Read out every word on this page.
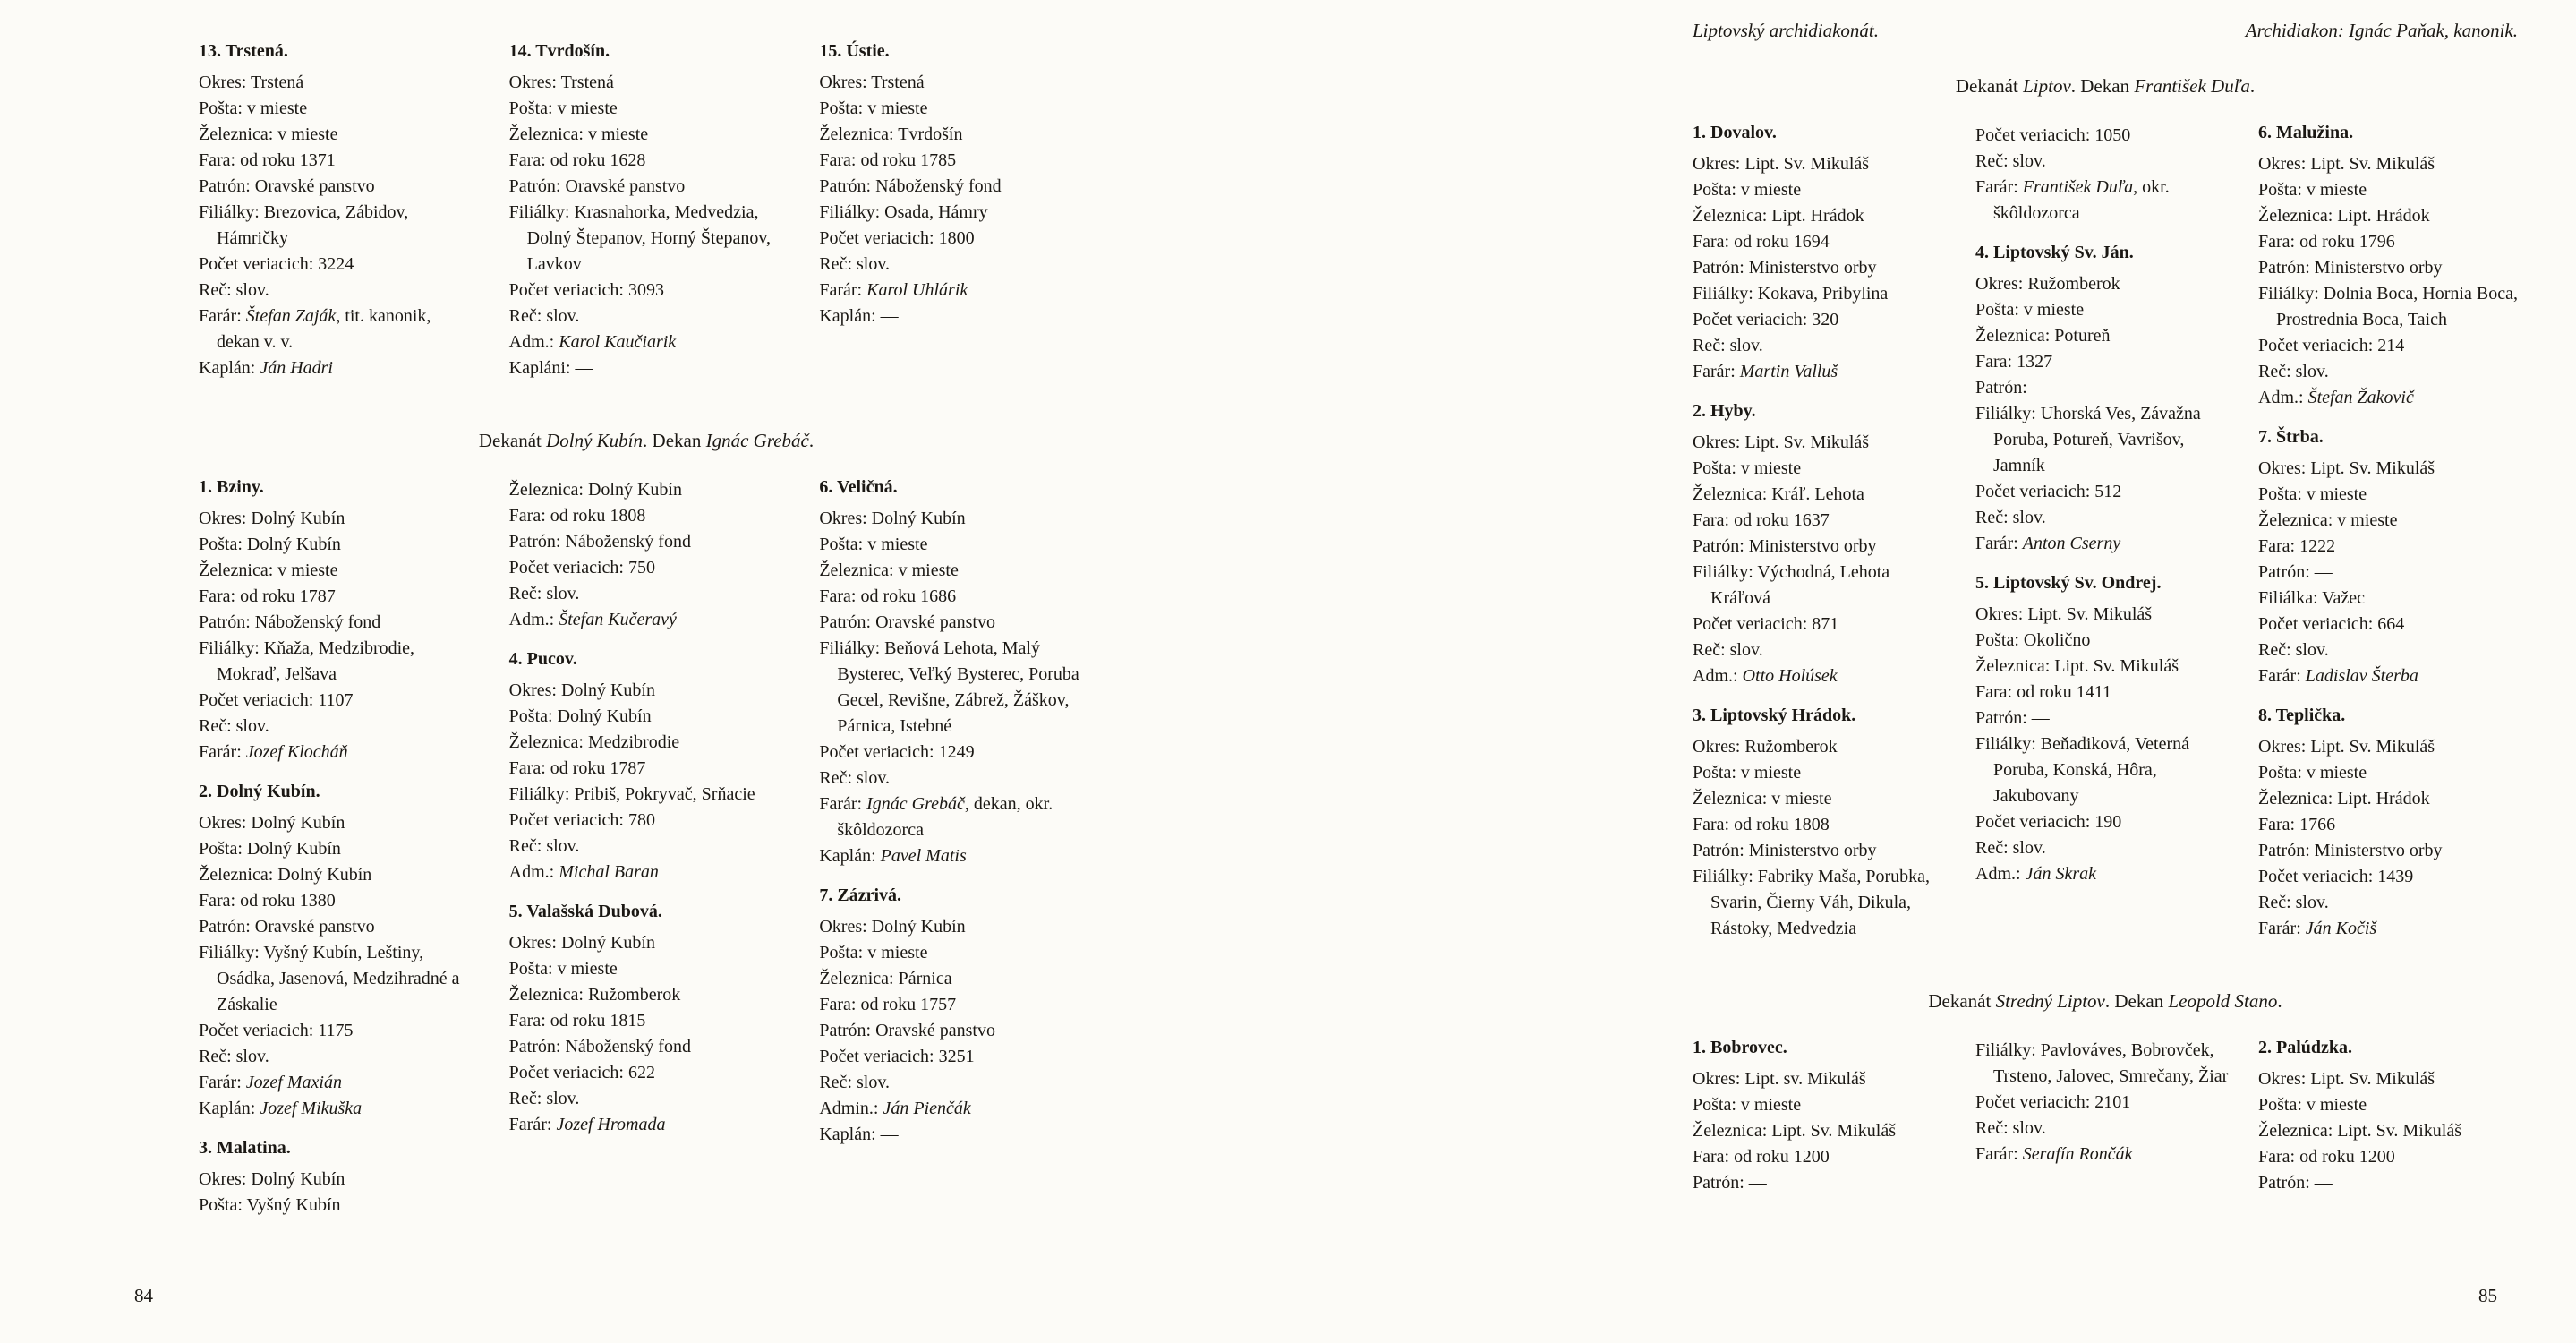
13. Trstená.
Okres: Trstená
Pošta: v mieste
Železnica: v mieste
Fara: od roku 1371
Patrón: Oravské panstvo
Filiálky: Brezovica, Zábidov, Hámričky
Počet veriacich: 3224
Reč: slov.
Farár: Štefan Zaják, tit. kanonik, dekan v. v.
Kaplán: Ján Hadri
14. Tvrdošín.
Okres: Trstená
Pošta: v mieste
Železnica: v mieste
Fara: od roku 1628
Patrón: Oravské panstvo
Filiálky: Krasnahorka, Medvedzia, Dolný Štepanov, Horný Štepanov, Lavkov
Počet veriacich: 3093
Reč: slov.
Adm.: Karol Kaučiarik
Kapláni: —
15. Ústie.
Okres: Trstená
Pošta: v mieste
Železnica: Tvrdošín
Fara: od roku 1785
Patrón: Náboženský fond
Filiálky: Osada, Hámry
Počet veriacich: 1800
Reč: slov.
Farár: Karol Uhlárik
Kaplán: —
Dekanát Dolný Kubín. Dekan Ignác Grebáč.
1. Bziny.
Okres: Dolný Kubín
Pošta: Dolný Kubín
Železnica: v mieste
Fara: od roku 1787
Patrón: Náboženský fond
Filiálky: Kňaža, Medzibrodie, Mokraď, Jelšava
Počet veriacich: 1107
Reč: slov.
Farár: Jozef Klocháň
2. Dolný Kubín.
Okres: Dolný Kubín
Pošta: Dolný Kubín
Železnica: Dolný Kubín
Fara: od roku 1380
Patrón: Oravské panstvo
Filiálky: Vyšný Kubín, Leštiny, Osádka, Jasenová, Medzihradné a Záskalie
Počet veriacich: 1175
Reč: slov.
Farár: Jozef Maxián
Kaplán: Jozef Mikuška
3. Malatina.
Okres: Dolný Kubín
Pošta: Vyšný Kubín
Železnica: Dolný Kubín
Fara: od roku 1808
Patrón: Náboženský fond
Počet veriacich: 750
Reč: slov.
Adm.: Štefan Kučeravý
4. Pucov.
Okres: Dolný Kubín
Pošta: Dolný Kubín
Železnica: Medzibrodie
Fara: od roku 1787
Filiálky: Pribiš, Pokryvač, Srňacie
Počet veriacich: 780
Reč: slov.
Adm.: Michal Baran
5. Valašská Dubová.
Okres: Dolný Kubín
Pošta: v mieste
Železnica: Ružomberok
Fara: od roku 1815
Patrón: Náboženský fond
Počet veriacich: 622
Reč: slov.
Farár: Jozef Hromada
6. Veličná.
Okres: Dolný Kubín
Pošta: v mieste
Železnica: v mieste
Fara: od roku 1686
Patrón: Oravské panstvo
Filiálky: Beňová Lehota, Malý Bysterec, Veľký Bysterec, Poruba Gecel, Revišne, Zábrež, Žáškov, Párnica, Istebné
Počet veriacich: 1249
Reč: slov.
Farár: Ignác Grebáč, dekan, okr. škôldozorca
Kaplán: Pavel Matis
7. Zázrivá.
Okres: Dolný Kubín
Pošta: v mieste
Železnica: Párnica
Fara: od roku 1757
Patrón: Oravské panstvo
Počet veriacich: 3251
Reč: slov.
Admin.: Ján Pienčák
Kaplán: —
84
Liptovský archidiakonát.	Archidiakon: Ignác Paňak, kanonik.
Dekanát Liptov. Dekan František Duľa.
1. Dovalov.
Okres: Lipt. Sv. Mikuláš
Pošta: v mieste
Železnica: Lipt. Hrádok
Fara: od roku 1694
Patrón: Ministerstvo orby
Filiálky: Kokava, Pribylina
Počet veriacich: 320
Reč: slov.
Farár: Martin Valluš
2. Hyby.
Okres: Lipt. Sv. Mikuláš
Pošta: v mieste
Železnica: Kráľ. Lehota
Fara: od roku 1637
Patrón: Ministerstvo orby
Filiálky: Východná, Lehota Kráľová
Počet veriacich: 871
Reč: slov.
Adm.: Otto Holúsek
3. Liptovský Hrádok.
Okres: Ružomberok
Pošta: v mieste
Železnica: v mieste
Fara: od roku 1808
Patrón: Ministerstvo orby
Filiálky: Fabriky Maša, Porubka, Svarin, Čierny Váh, Dikula, Rástoky, Medvedzia
Počet veriacich: 1050
Reč: slov.
Farár: František Duľa, okr. škôldozorca
4. Liptovský Sv. Ján.
Okres: Ružomberok
Pošta: v mieste
Železnica: Potureň
Fara: 1327
Patrón: —
Filiálky: Uhorská Ves, Závažna Poruba, Potureň, Vavrišov, Jamník
Počet veriacich: 512
Reč: slov.
Farár: Anton Cserny
5. Liptovský Sv. Ondrej.
Okres: Lipt. Sv. Mikuláš
Pošta: Okolično
Železnica: Lipt. Sv. Mikuláš
Fara: od roku 1411
Patrón: —
Filiálky: Beňadiková, Veterná Poruba, Konská, Hôra, Jakubovany
Počet veriacich: 190
Reč: slov.
Adm.: Ján Skrak
6. Malužina.
Okres: Lipt. Sv. Mikuláš
Pošta: v mieste
Železnica: Lipt. Hrádok
Fara: od roku 1796
Patrón: Ministerstvo orby
Filiálky: Dolnia Boca, Hornia Boca, Prostrednia Boca, Taich
Počet veriacich: 214
Reč: slov.
Adm.: Štefan Žakovič
7. Štrba.
Okres: Lipt. Sv. Mikuláš
Pošta: v mieste
Železnica: v mieste
Fara: 1222
Patrón: —
Filiálka: Važec
Počet veriacich: 664
Reč: slov.
Farár: Ladislav Šterba
8. Teplička.
Okres: Lipt. Sv. Mikuláš
Pošta: v mieste
Železnica: Lipt. Hrádok
Fara: 1766
Patrón: Ministerstvo orby
Počet veriacich: 1439
Reč: slov.
Farár: Ján Kočiš
Dekanát Stredný Liptov. Dekan Leopold Stano.
1. Bobrovec.
Okres: Lipt. sv. Mikuláš
Pošta: v mieste
Železnica: Lipt. Sv. Mikuláš
Fara: od roku 1200
Patrón: —
Filiálky: Pavlováves, Bobrovček, Trsteno, Jalovec, Smrečany, Žiar
Počet veriacich: 2101
Reč: slov.
Farár: Serafín Rončák
2. Palúdzka.
Okres: Lipt. Sv. Mikuláš
Pošta: v mieste
Železnica: Lipt. Sv. Mikuláš
Fara: od roku 1200
Patrón: —
85
